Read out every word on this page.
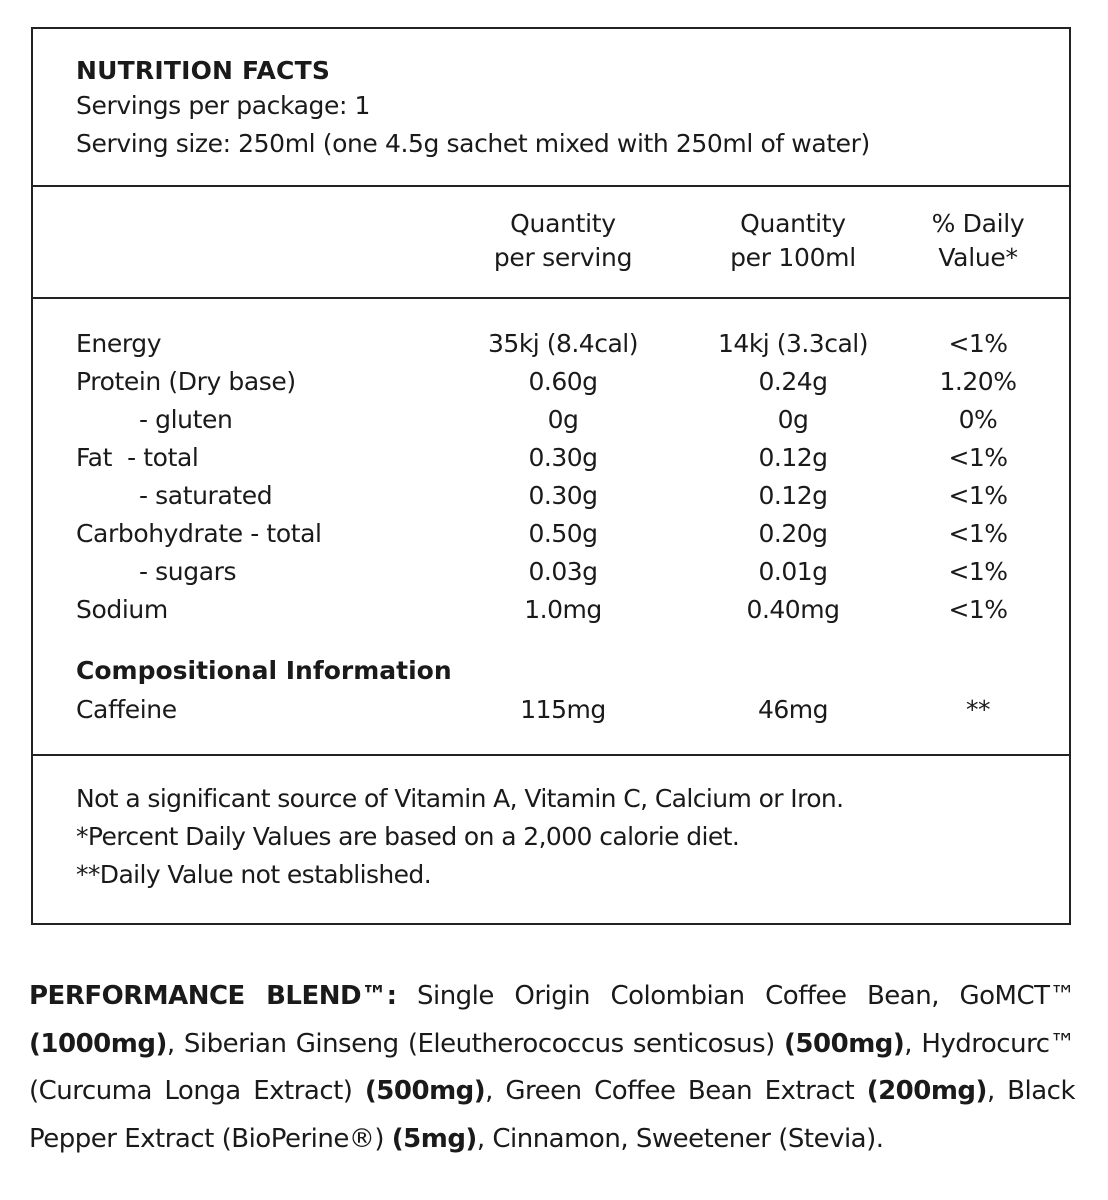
NUTRITION FACTS
Servings per package: 1
Serving size: 250ml (one 4.5g sachet mixed with 250ml of water)
Quantity
per serving
Quantity
per 100ml
% Daily
Value*
Energy	35kj (8.4cal)	14kj (3.3cal)	<1%
Protein (Dry base)	0.60g	0.24g	1.20%
- gluten	0g	0g	0%
Fat  - total	0.30g	0.12g	<1%
- saturated	0.30g	0.12g	<1%
Carbohydrate - total	0.50g	0.20g	<1%
- sugars	0.03g	0.01g	<1%
Sodium	1.0mg	0.40mg	<1%
Compositional Information
Caffeine	115mg	46mg	**
Not a significant source of Vitamin A, Vitamin C, Calcium or Iron.
*Percent Daily Values are based on a 2,000 calorie diet.
**Daily Value not established.
PERFORMANCE BLEND™: Single Origin Colombian Coffee Bean, GoMCT™ (1000mg), Siberian Ginseng (Eleutherococcus senticosus) (500mg), Hydrocurc™ (Curcuma Longa Extract) (500mg), Green Coffee Bean Extract (200mg), Black Pepper Extract (BioPerine®) (5mg), Cinnamon, Sweetener (Stevia).
